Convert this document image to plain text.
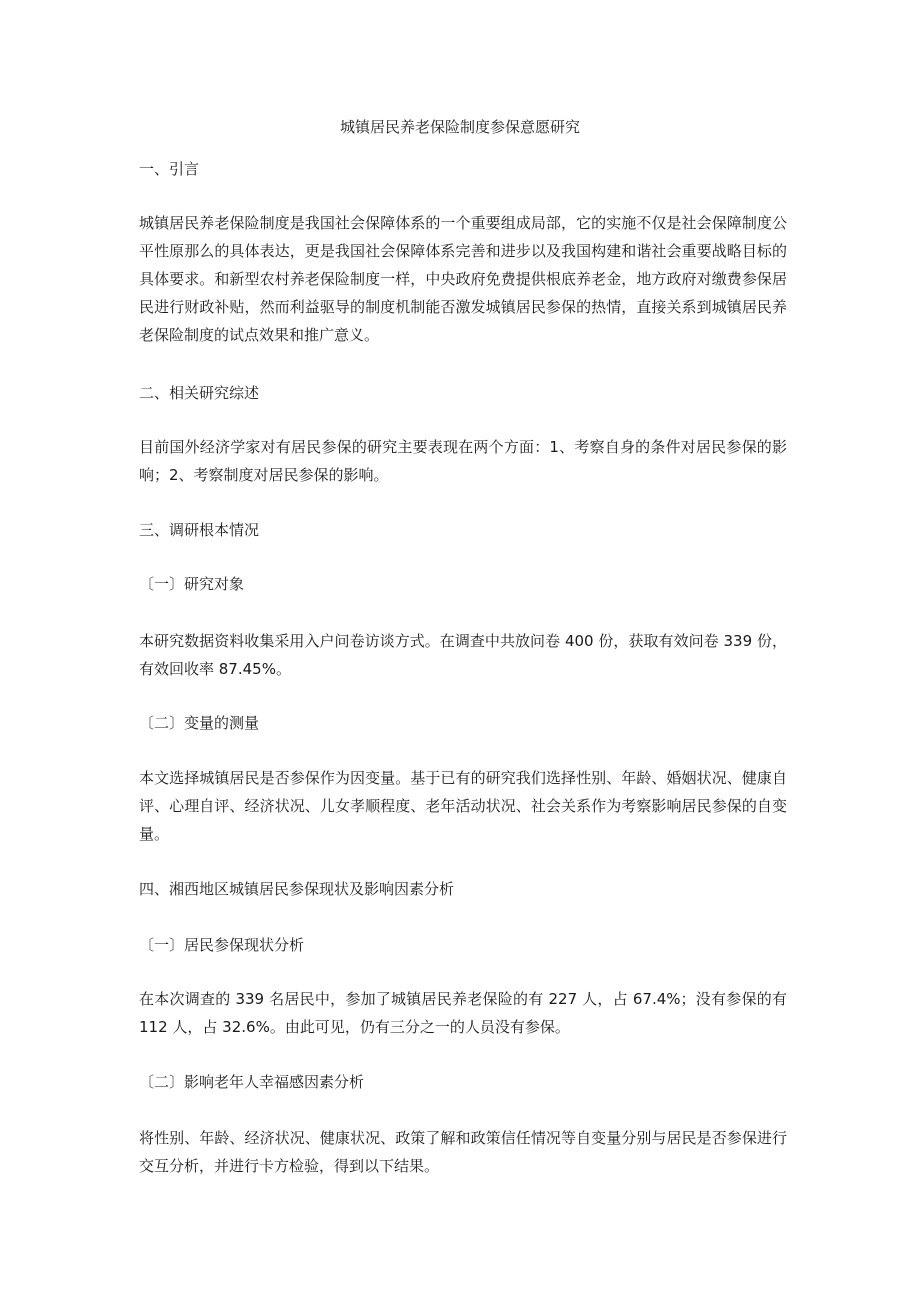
城镇居民养老保险制度参保意愿研究

一、引言

城镇居民养老保险制度是我国社会保障体系的一个重要组成局部，它的实施不仅是社会保障制度公平性原那么的具体表达，更是我国社会保障体系完善和进步以及我国构建和谐社会重要战略目标的具体要求。和新型农村养老保险制度一样，中央政府免费提供根底养老金，地方政府对缴费参保居民进行财政补贴，然而利益驱导的制度机制能否激发城镇居民参保的热情，直接关系到城镇居民养老保险制度的试点效果和推广意义。

二、相关研究综述

目前国外经济学家对有居民参保的研究主要表现在两个方面：1、考察自身的条件对居民参保的影响；2、考察制度对居民参保的影响。

三、调研根本情况

〔一〕研究对象

本研究数据资料收集采用入户问卷访谈方式。在调查中共放问卷 400 份，获取有效问卷 339 份，有效回收率 87.45%。

〔二〕变量的测量

本文选择城镇居民是否参保作为因变量。基于已有的研究我们选择性别、年龄、婚姻状况、健康自评、心理自评、经济状况、儿女孝顺程度、老年活动状况、社会关系作为考察影响居民参保的自变量。

四、湘西地区城镇居民参保现状及影响因素分析

〔一〕居民参保现状分析

在本次调查的 339 名居民中，参加了城镇居民养老保险的有 227 人，占 67.4%；没有参保的有 112 人，占 32.6%。由此可见，仍有三分之一的人员没有参保。

〔二〕影响老年人幸福感因素分析

将性别、年龄、经济状况、健康状况、政策了解和政策信任情况等自变量分别与居民是否参保进行交互分析，并进行卡方检验，得到以下结果。
